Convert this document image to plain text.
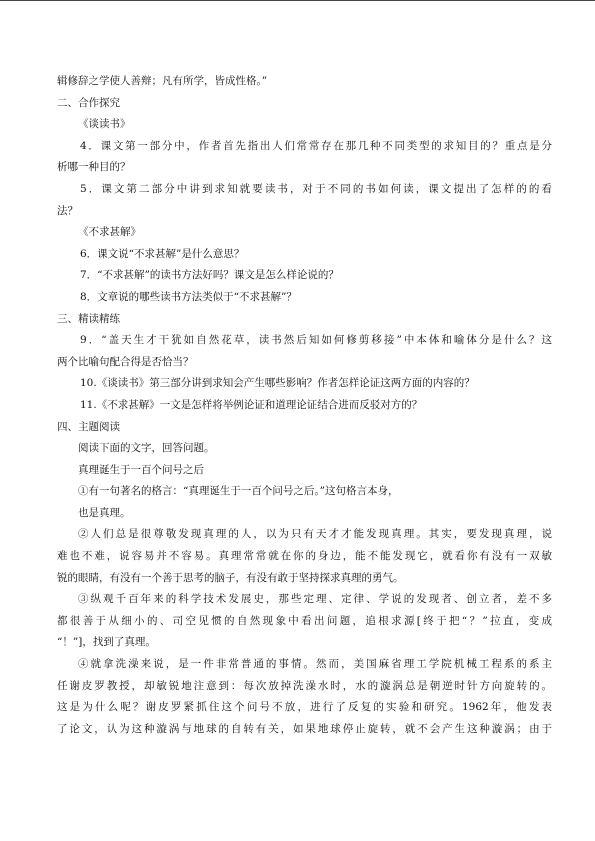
辑修辞之学使人善辩；凡有所学，皆成性格。”

二、合作探究

《谈读书》

4．课文第一部分中，作者首先指出人们常常存在那几种不同类型的求知目的？重点是分

析哪一种目的？

5．课文第二部分中讲到求知就要读书，对于不同的书如何读，课文提出了怎样的的看

法？

《不求甚解》

6．课文说“不求甚解”是什么意思？

7．“不求甚解”的读书方法好吗？课文是怎么样论说的？

8．文章说的哪些读书方法类似于“不求甚解”？

三、精读精练

9．“盖天生才干犹如自然花草，读书然后知如何修剪移接”中本体和喻体分是什么？这

两个比喻句配合得是否恰当？

10.《谈读书》第三部分讲到求知会产生哪些影响？作者怎样论证这两方面的内容的？

11.《不求甚解》一文是怎样将举例论证和道理论证结合进而反驳对方的？

四、主题阅读

阅读下面的文字，回答问题。

真理诞生于一百个问号之后

①有一句著名的格言：“真理诞生于一百个问号之后。”这句格言本身，

也是真理。

②人们总是很尊敬发现真理的人，以为只有天才才能发现真理。其实，要发现真理，说

难也不难，说容易并不容易。真理常常就在你的身边，能不能发现它，就看你有没有一双敏

锐的眼睛，有没有一个善于思考的脑子，有没有敢于坚持探求真理的勇气。

③纵观千百年来的科学技术发展史，那些定理、定律、学说的发现者、创立者，差不多

都很善于从细小的、司空见惯的自然现象中看出问题，追根求源[终于把“？”拉直，变成

“！”]，找到了真理。

④就拿洗澡来说，是一件非常普通的事情。然而，美国麻省理工学院机械工程系的系主

任谢皮罗教授，却敏锐地注意到：每次放掉洗澡水时，水的漩涡总是朝逆时针方向旋转的。

这是为什么呢？谢皮罗紧抓住这个问号不放，进行了反复的实验和研究。1962年，他发表

了论文，认为这种漩涡与地球的自转有关，如果地球停止旋转，就不会产生这种漩涡；由于
